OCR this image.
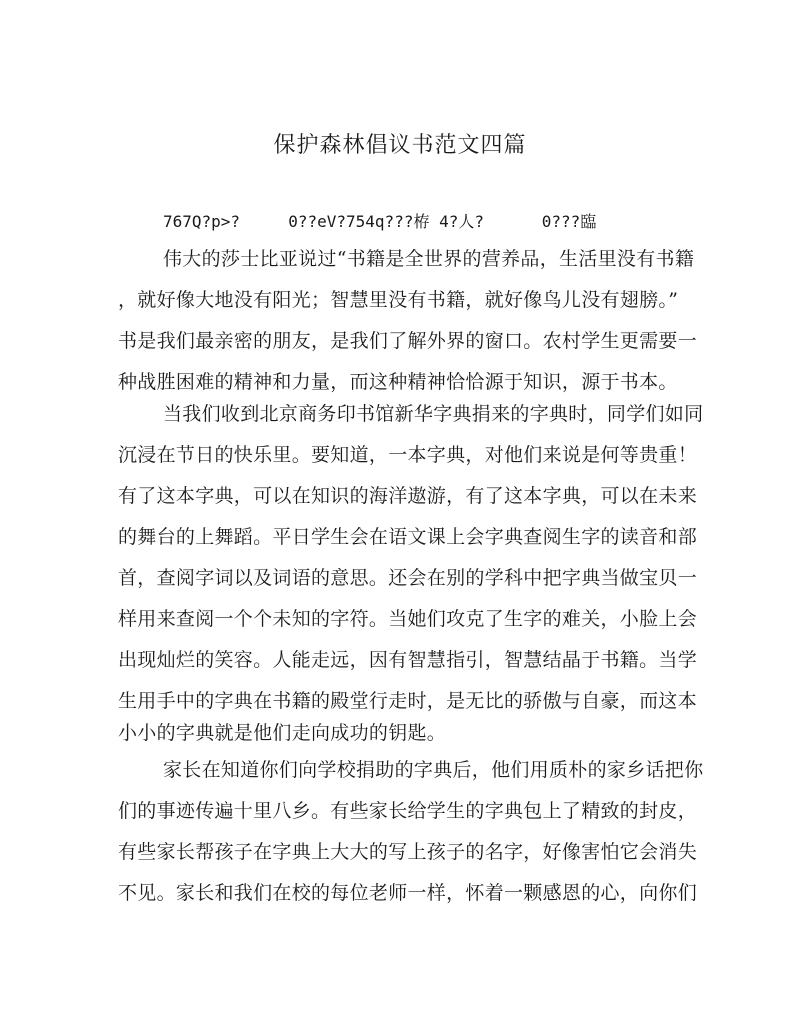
保护森林倡议书范文四篇
767Q?p>?     0??eV?754q???栫 4?人?      0???臨
伟大的莎士比亚说过“书籍是全世界的营养品，生活里没有书籍
，就好像大地没有阳光；智慧里没有书籍，就好像鸟儿没有翅膀。”
书是我们最亲密的朋友，是我们了解外界的窗口。农村学生更需要一
种战胜困难的精神和力量，而这种精神恰恰源于知识，源于书本。
当我们收到北京商务印书馆新华字典捐来的字典时，同学们如同
沉浸在节日的快乐里。要知道，一本字典，对他们来说是何等贵重！
有了这本字典，可以在知识的海洋遨游，有了这本字典，可以在未来
的舞台的上舞蹈。平日学生会在语文课上会字典查阅生字的读音和部
首，查阅字词以及词语的意思。还会在别的学科中把字典当做宝贝一
样用来查阅一个个未知的字符。当她们攻克了生字的难关，小脸上会
出现灿烂的笑容。人能走远，因有智慧指引，智慧结晶于书籍。当学
生用手中的字典在书籍的殿堂行走时，是无比的骄傲与自豪，而这本
小小的字典就是他们走向成功的钥匙。
家长在知道你们向学校捐助的字典后，他们用质朴的家乡话把你
们的事迹传遍十里八乡。有些家长给学生的字典包上了精致的封皮，
有些家长帮孩子在字典上大大的写上孩子的名字，好像害怕它会消失
不见。家长和我们在校的每位老师一样，怀着一颗感恩的心，向你们
